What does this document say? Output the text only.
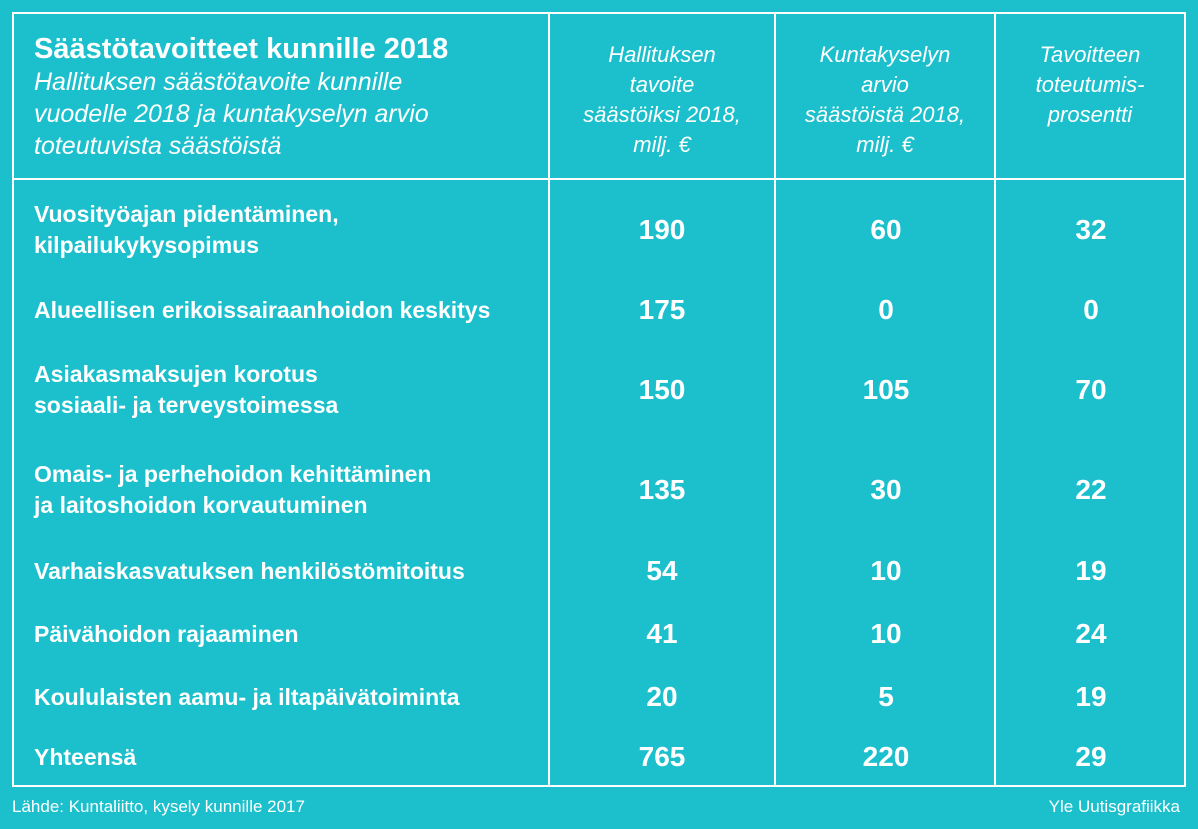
Säästötavoitteet kunnille 2018
Hallituksen säästötavoite kunnille
vuodelle 2018 ja kuntakyselyn arvio
toteutuvista säästöistä
Hallituksen
tavoite
säästöiksi 2018,
milj. €
Kuntakyselyn
arvio
säästöistä 2018,
milj. €
Tavoitteen
toteutumis-
prosentti
Vuosityöajan pidentäminen,
kilpailukykysopimus	190	60	32
Alueellisen erikoissairaanhoidon keskitys	175	0	0
Asiakasmaksujen korotus
sosiaali- ja terveystoimessa	150	105	70
Omais- ja perhehoidon kehittäminen
ja laitoshoidon korvautuminen	135	30	22
Varhaiskasvatuksen henkilöstömitoitus	54	10	19
Päivähoidon rajaaminen	41	10	24
Koululaisten aamu- ja iltapäivätoiminta	20	5	19
Yhteensä	765	220	29
Lähde: Kuntaliitto, kysely kunnille 2017	Yle Uutisgrafiikka
